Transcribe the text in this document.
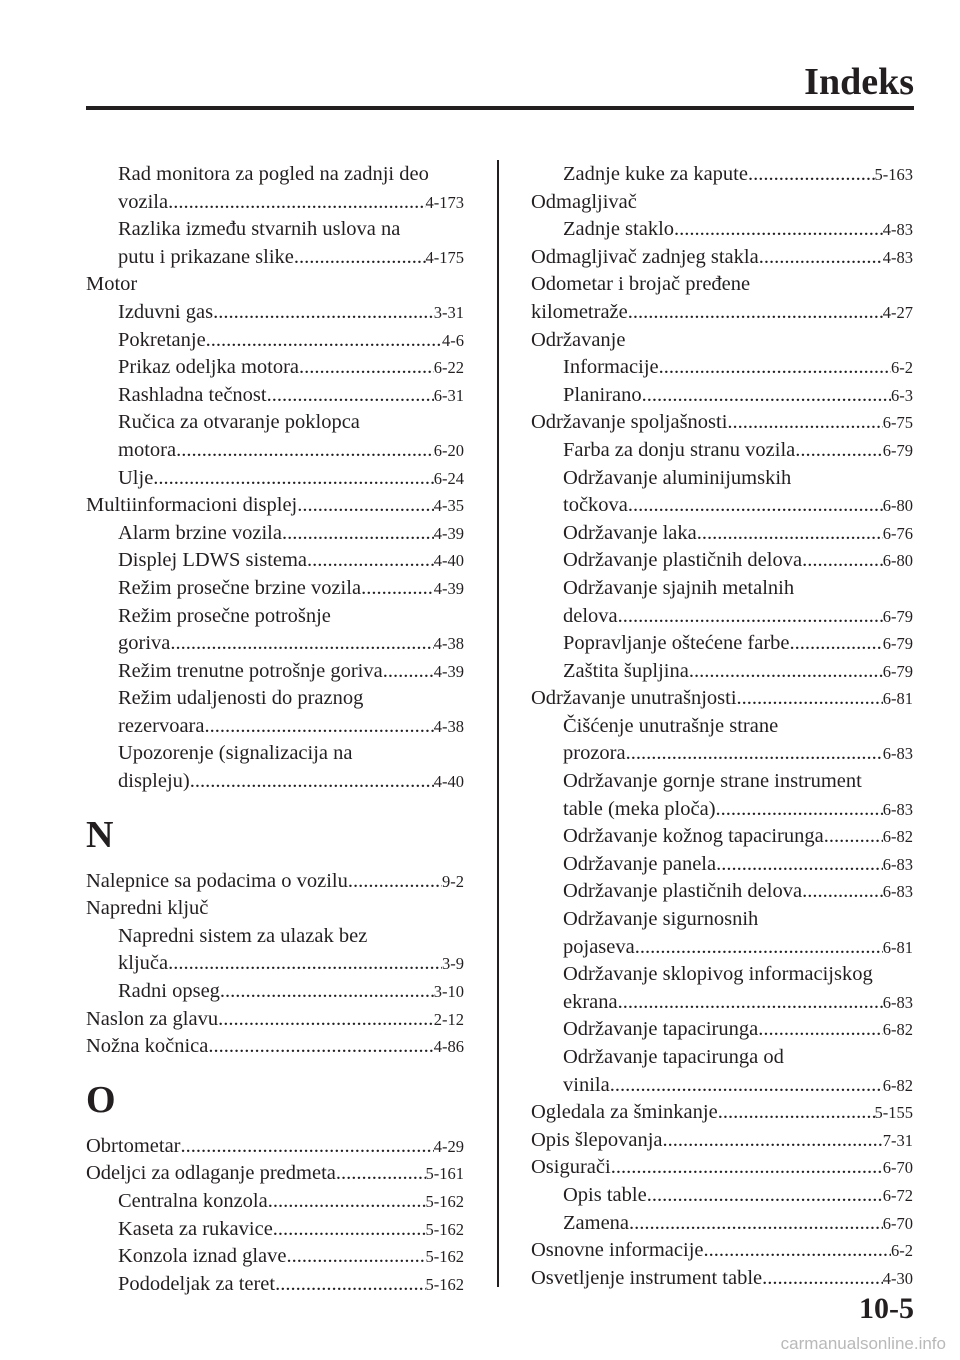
Indeks
Rad monitora za pogled na zadnji deo
vozila .....	4-173
Razlika između stvarnih uslova na
putu i prikazane slike .....	4-175
Motor
Izduvni gas .....	3-31
Pokretanje .....	4-6
Prikaz odeljka motora .....	6-22
Rashladna tečnost .....	6-31
Ručica za otvaranje poklopca
motora .....	6-20
Ulje .....	6-24
Multiinformacioni displej .....	4-35
Alarm brzine vozila .....	4-39
Displej LDWS sistema .....	4-40
Režim prosečne brzine vozila .....	4-39
Režim prosečne potrošnje
goriva .....	4-38
Režim trenutne potrošnje goriva .....	4-39
Režim udaljenosti do praznog
rezervoara .....	4-38
Upozorenje (signalizacija na
displeju) .....	4-40
N
Nalepnice sa podacima o vozilu .....	9-2
Napredni ključ
Napredni sistem za ulazak bez
ključa .....	3-9
Radni opseg .....	3-10
Naslon za glavu .....	2-12
Nožna kočnica .....	4-86
O
Obrtometar .....	4-29
Odeljci za odlaganje predmeta .....	5-161
Centralna konzola .....	5-162
Kaseta za rukavice .....	5-162
Konzola iznad glave .....	5-162
Pododeljak za teret .....	5-162
Zadnje kuke za kapute .....	5-163
Odmagljivač
Zadnje staklo .....	4-83
Odmagljivač zadnjeg stakla .....	4-83
Odometar i brojač pređene
kilometraže .....	4-27
Održavanje
Informacije .....	6-2
Planirano .....	6-3
Održavanje spoljašnosti .....	6-75
Farba za donju stranu vozila .....	6-79
Održavanje aluminijumskih
točkova .....	6-80
Održavanje laka .....	6-76
Održavanje plastičnih delova .....	6-80
Održavanje sjajnih metalnih
delova .....	6-79
Popravljanje oštećene farbe .....	6-79
Zaštita šupljina .....	6-79
Održavanje unutrašnjosti .....	6-81
Čišćenje unutrašnje strane
prozora .....	6-83
Održavanje gornje strane instrument
table (meka ploča) .....	6-83
Održavanje kožnog tapacirunga .....	6-82
Održavanje panela .....	6-83
Održavanje plastičnih delova .....	6-83
Održavanje sigurnosnih
pojaseva .....	6-81
Održavanje sklopivog informacijskog
ekrana .....	6-83
Održavanje tapacirunga .....	6-82
Održavanje tapacirunga od
vinila .....	6-82
Ogledala za šminkanje .....	5-155
Opis šlepovanja .....	7-31
Osigurači .....	6-70
Opis table .....	6-72
Zamena .....	6-70
Osnovne informacije .....	6-2
Osvetljenje instrument table .....	4-30
10-5
carmanualsonline.info
